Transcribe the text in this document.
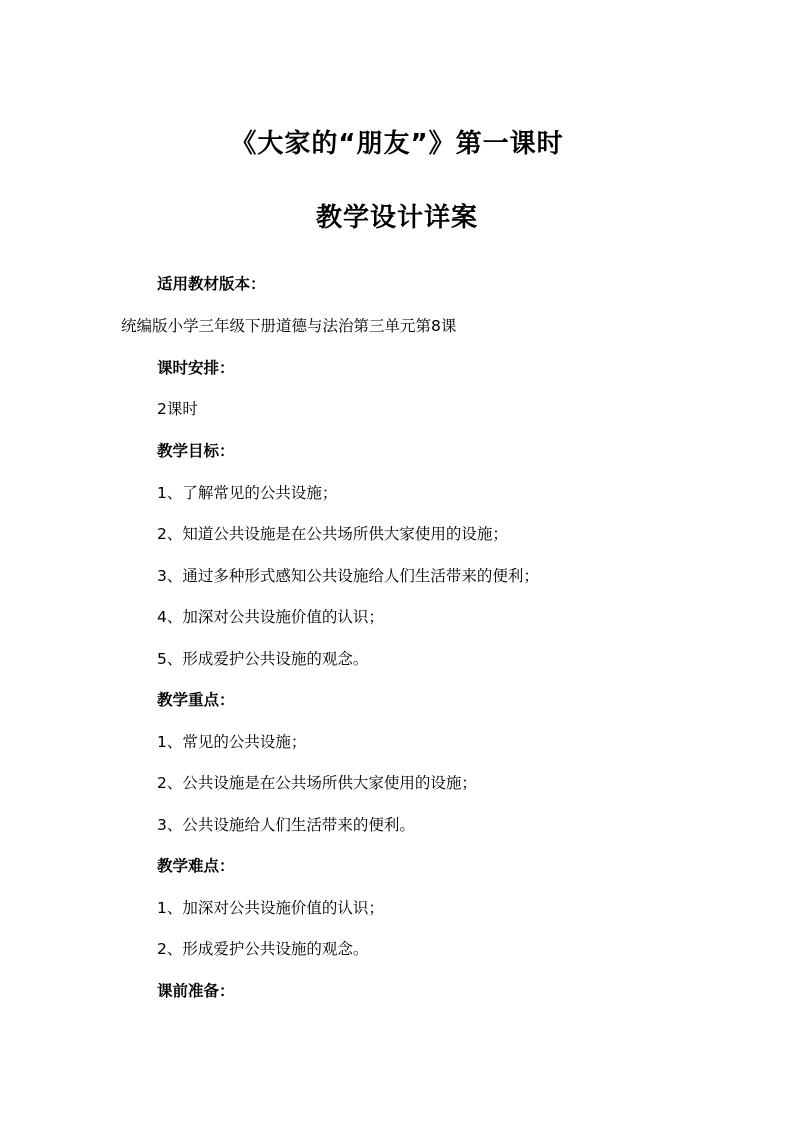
《大家的“朋友”》第一课时
教学设计详案
适用教材版本：
统编版小学三年级下册道德与法治第三单元第8课
课时安排：
2课时
教学目标：
1、了解常见的公共设施；
2、知道公共设施是在公共场所供大家使用的设施；
3、通过多种形式感知公共设施给人们生活带来的便利；
4、加深对公共设施价值的认识；
5、形成爱护公共设施的观念。
教学重点：
1、常见的公共设施；
2、公共设施是在公共场所供大家使用的设施；
3、公共设施给人们生活带来的便利。
教学难点：
1、加深对公共设施价值的认识；
2、形成爱护公共设施的观念。
课前准备：
